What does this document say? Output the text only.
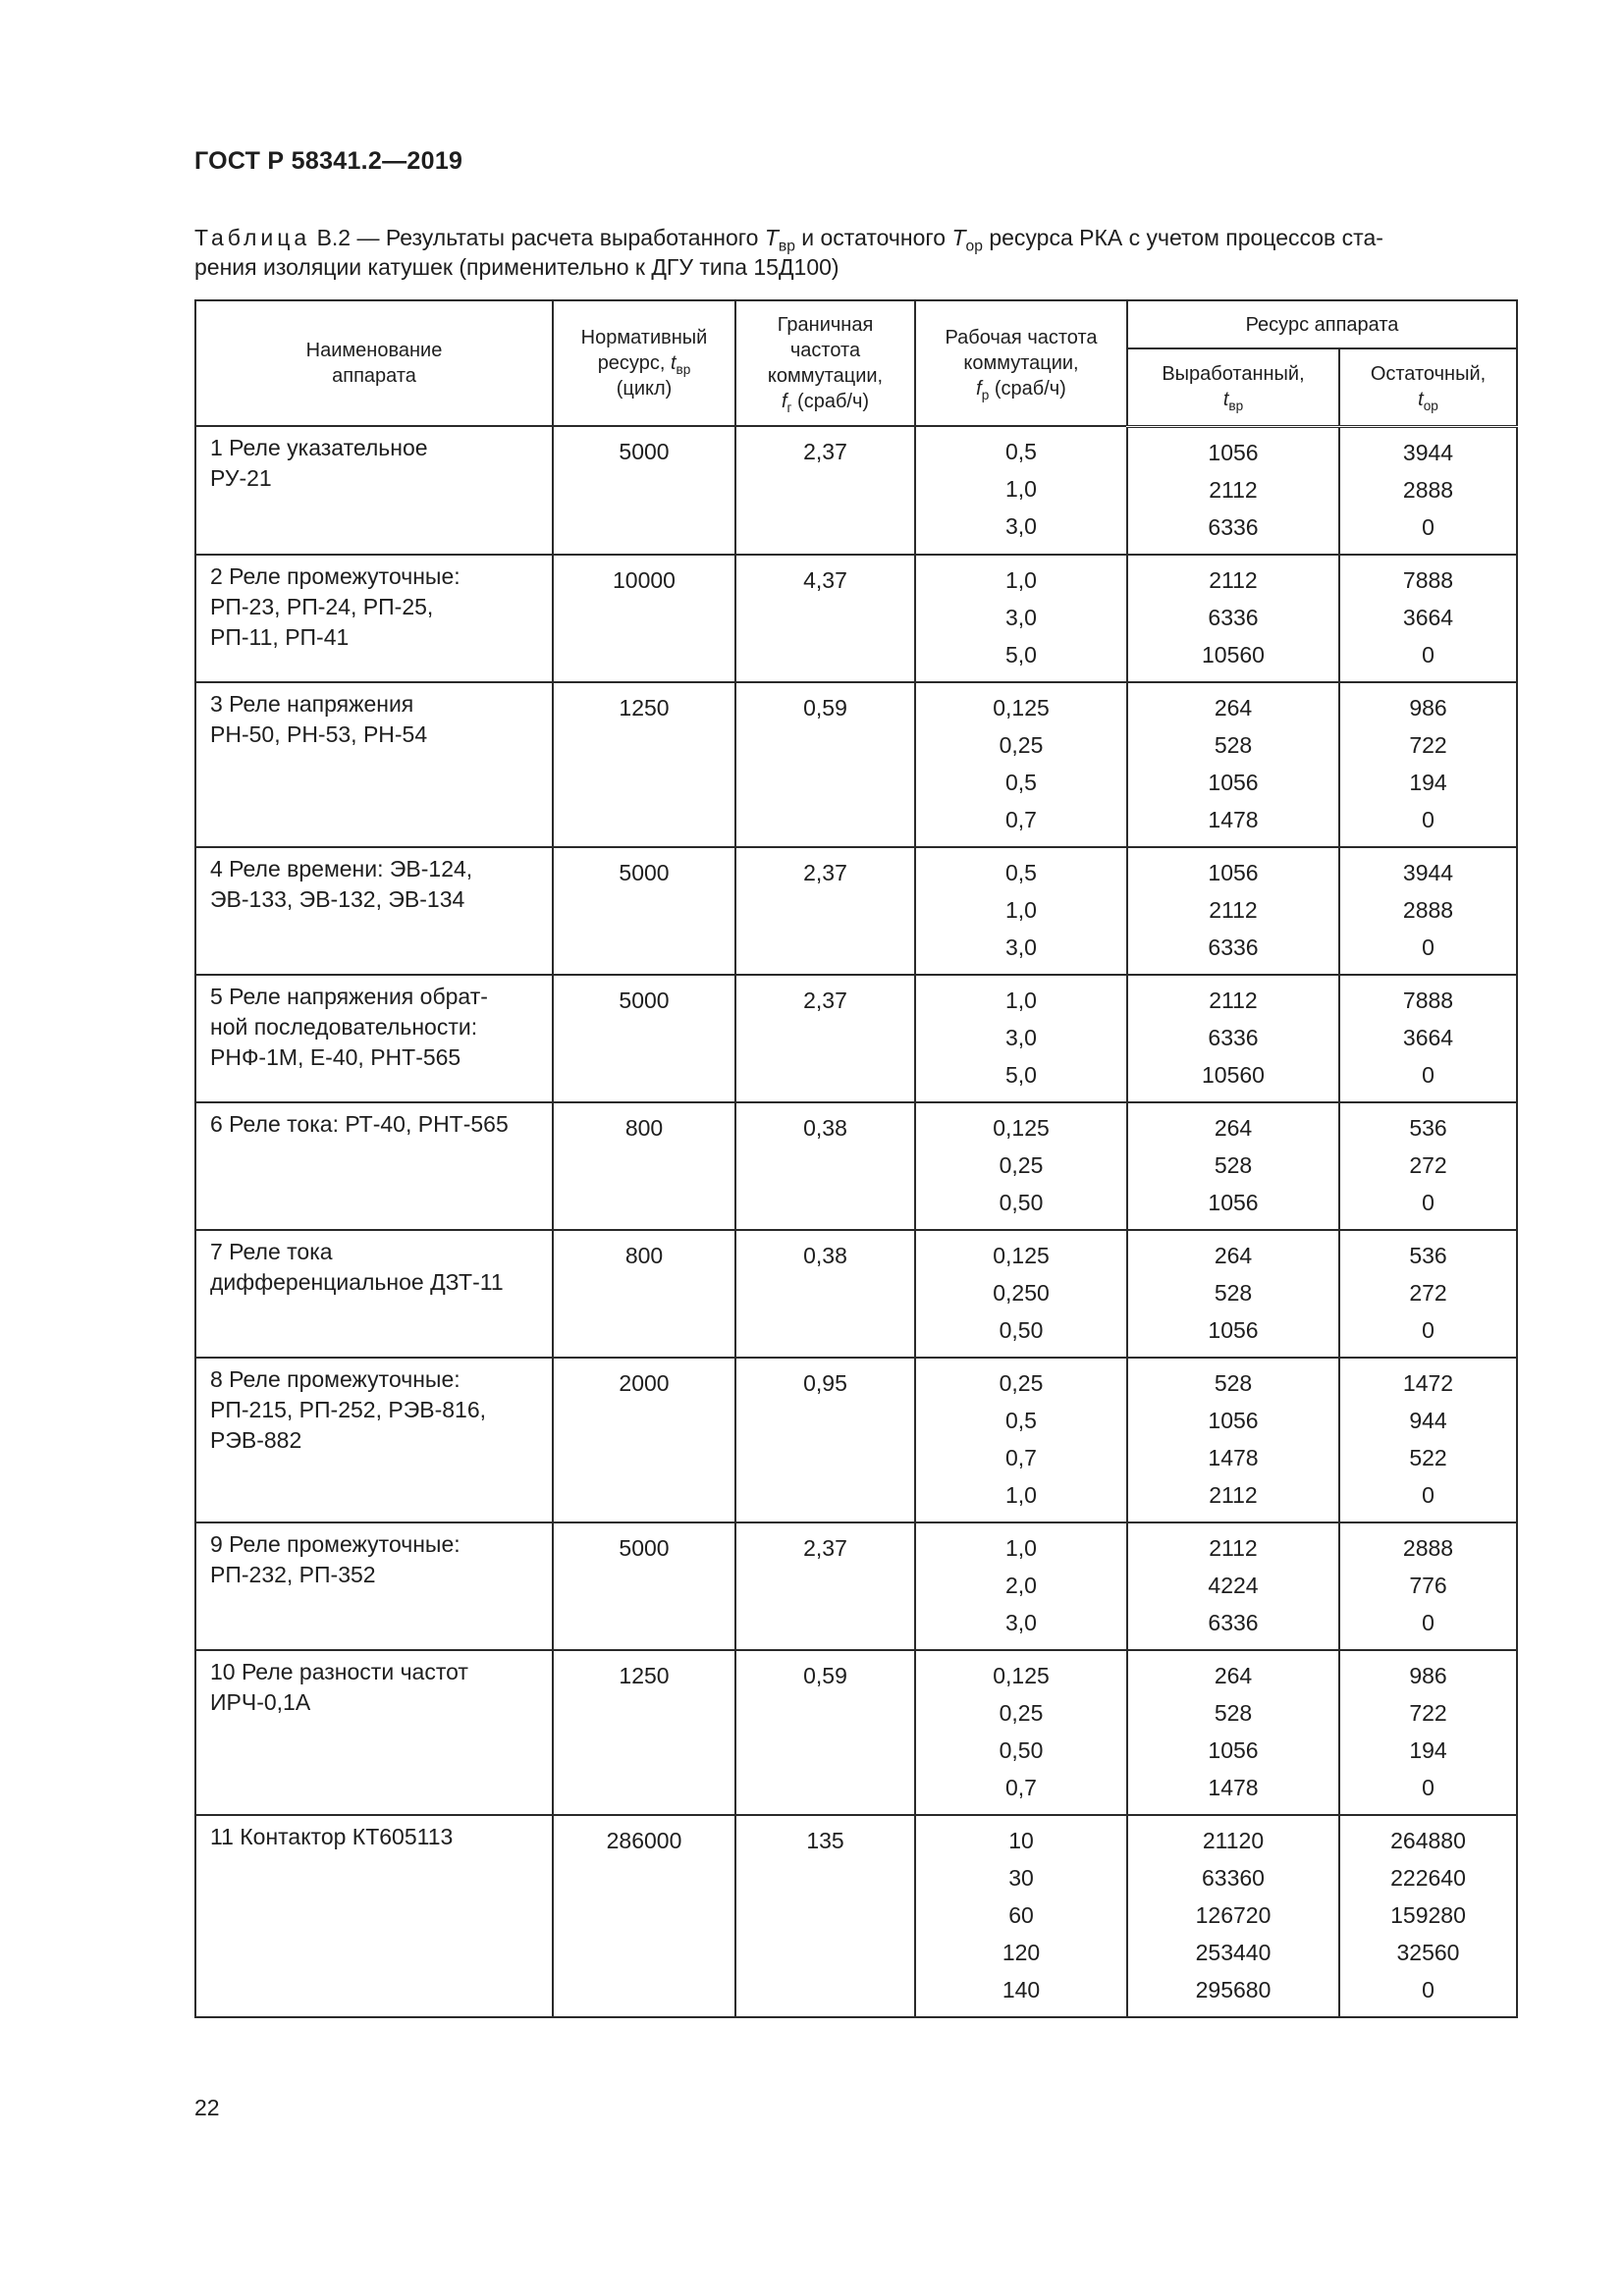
ГОСТ Р 58341.2—2019
Таблица В.2 — Результаты расчета выработанного $T_{вр}$ и остаточного $T_{ор}$ ресурса РКА с учетом процессов ста-
рения изоляции катушек (применительно к ДГУ типа 15Д100)
Наименование аппарата	Нормативный
ресурс, $t_{вр}$
(цикл)	Граничная
частота
коммутации,
$f_г$ (сраб/ч)	Рабочая частота
коммутации,
$f_р$ (сраб/ч)	Ресурс аппарата	
				Выработанный,
$t_{вр}$	Остаточный,
$t_{ор}$

1 Реле указательное
РУ-21	5000	2,37	0,5
1,0
3,0	1056
2112
6336	3944
2888
0

2 Реле промежуточные:
РП-23, РП-24, РП-25,
РП-11, РП-41	10000	4,37	1,0
3,0
5,0	2112
6336
10560	7888
3664
0

3 Реле напряжения
РН-50, РН-53, РН-54	1250	0,59	0,125
0,25
0,5
0,7	264
528
1056
1478	986
722
194
0

4 Реле времени: ЭВ-124,
ЭВ-133, ЭВ-132, ЭВ-134	5000	2,37	0,5
1,0
3,0	1056
2112
6336	3944
2888
0

5 Реле напряжения обрат-
ной последовательности:
РНФ-1М, Е-40, РНТ-565	5000	2,37	1,0
3,0
5,0	2112
6336
10560	7888
3664
0

6 Реле тока: РТ-40, РНТ-565	800	0,38	0,125
0,25
0,50	264
528
1056	536
272
0

7 Реле тока
дифференциальное ДЗТ-11	800	0,38	0,125
0,250
0,50	264
528
1056	536
272
0

8 Реле промежуточные:
РП-215, РП-252, РЭВ-816,
РЭВ-882	2000	0,95	0,25
0,5
0,7
1,0	528
1056
1478
2112	1472
944
522
0

9 Реле промежуточные:
РП-232, РП-352	5000	2,37	1,0
2,0
3,0	2112
4224
6336	2888
776
0

10 Реле разности частот
ИРЧ-0,1А	1250	0,59	0,125
0,25
0,50
0,7	264
528
1056
1478	986
722
194
0

11 Контактор КТ605113	286000	135	10
30
60
120
140	21120
63360
126720
253440
295680	264880
222640
159280
32560
0
22
